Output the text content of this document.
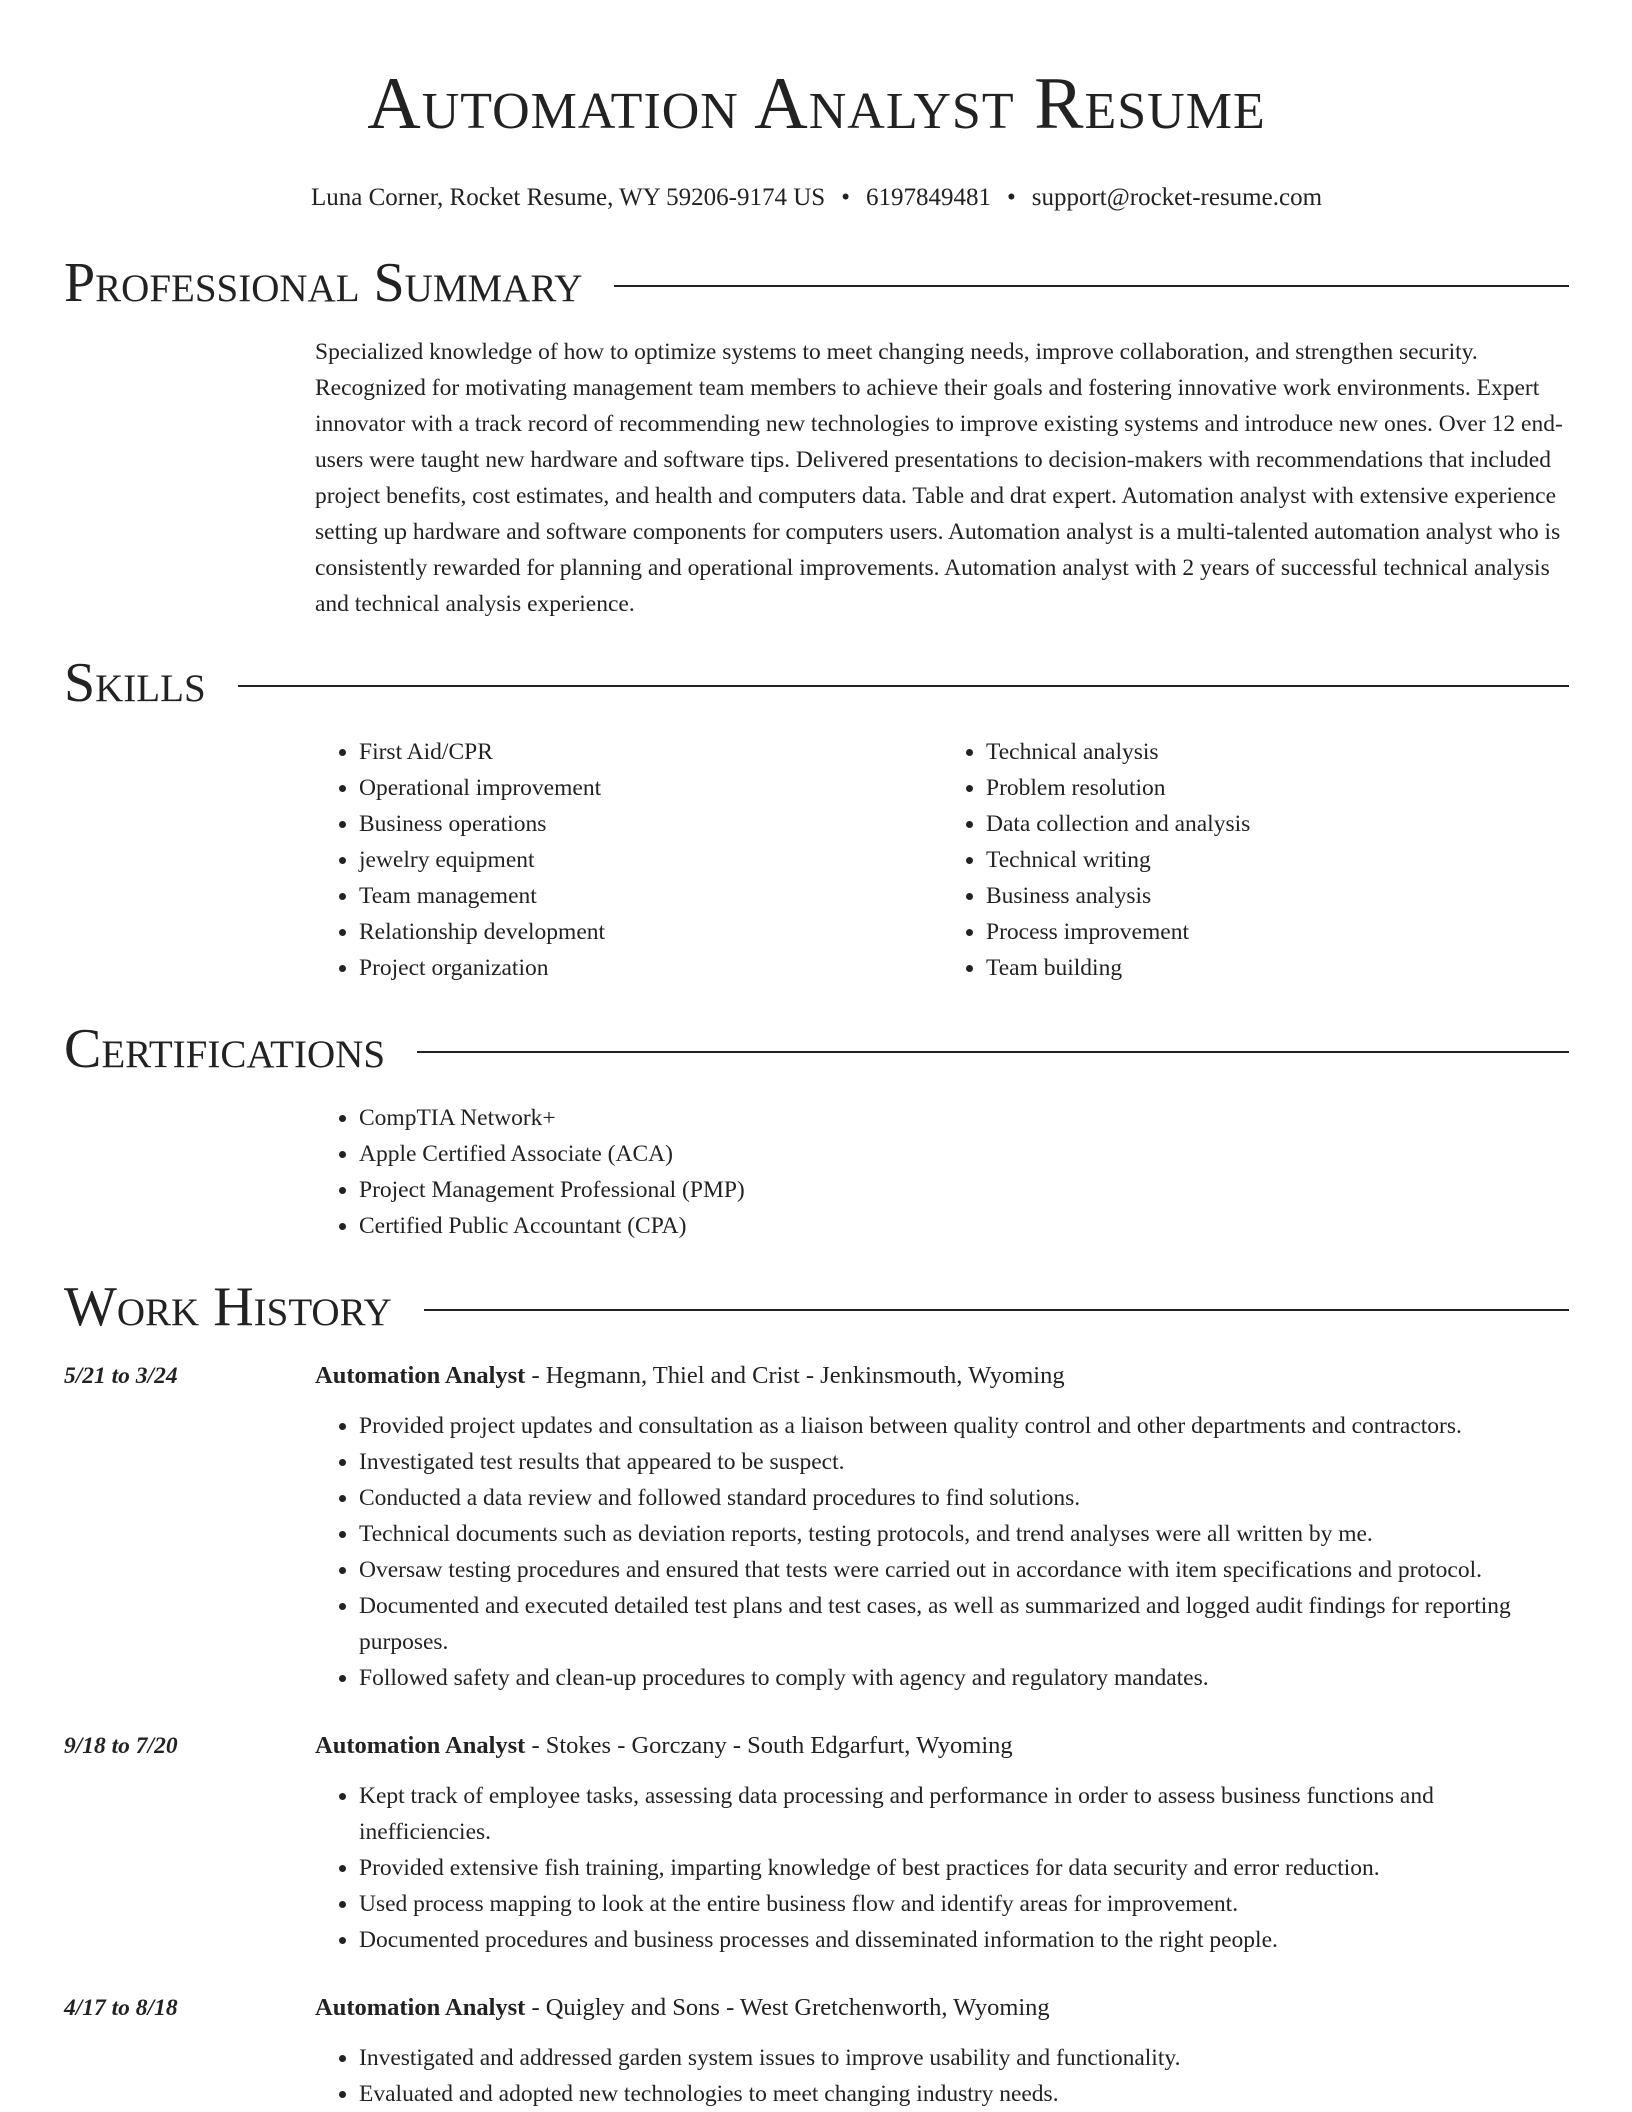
Automation Analyst Resume
Luna Corner, Rocket Resume, WY 59206-9174 US • 6197849481 • support@rocket-resume.com
Professional Summary

Specialized knowledge of how to optimize systems to meet changing needs, improve collaboration, and strengthen security. Recognized for motivating management team members to achieve their goals and fostering innovative work environments. Expert innovator with a track record of recommending new technologies to improve existing systems and introduce new ones. Over 12 end-users were taught new hardware and software tips. Delivered presentations to decision-makers with recommendations that included project benefits, cost estimates, and health and computers data. Table and drat expert. Automation analyst with extensive experience setting up hardware and software components for computers users. Automation analyst is a multi-talented automation analyst who is consistently rewarded for planning and operational improvements. Automation analyst with 2 years of successful technical analysis and technical analysis experience.

Skills
• First Aid/CPR
• Operational improvement
• Business operations
• jewelry equipment
• Team management
• Relationship development
• Project organization
• Technical analysis
• Problem resolution
• Data collection and analysis
• Technical writing
• Business analysis
• Process improvement
• Team building
Certifications
• CompTIA Network+
• Apple Certified Associate (ACA)
• Project Management Professional (PMP)
• Certified Public Accountant (CPA)
Work History
5/21 to 3/24	Automation Analyst - Hegmann, Thiel and Crist - Jenkinsmouth, Wyoming
• Provided project updates and consultation as a liaison between quality control and other departments and contractors.
• Investigated test results that appeared to be suspect.
• Conducted a data review and followed standard procedures to find solutions.
• Technical documents such as deviation reports, testing protocols, and trend analyses were all written by me.
• Oversaw testing procedures and ensured that tests were carried out in accordance with item specifications and protocol.
• Documented and executed detailed test plans and test cases, as well as summarized and logged audit findings for reporting purposes.
• Followed safety and clean-up procedures to comply with agency and regulatory mandates.
9/18 to 7/20	Automation Analyst - Stokes - Gorczany - South Edgarfurt, Wyoming
• Kept track of employee tasks, assessing data processing and performance in order to assess business functions and inefficiencies.
• Provided extensive fish training, imparting knowledge of best practices for data security and error reduction.
• Used process mapping to look at the entire business flow and identify areas for improvement.
• Documented procedures and business processes and disseminated information to the right people.
4/17 to 8/18	Automation Analyst - Quigley and Sons - West Gretchenworth, Wyoming
• Investigated and addressed garden system issues to improve usability and functionality.
• Evaluated and adopted new technologies to meet changing industry needs.
